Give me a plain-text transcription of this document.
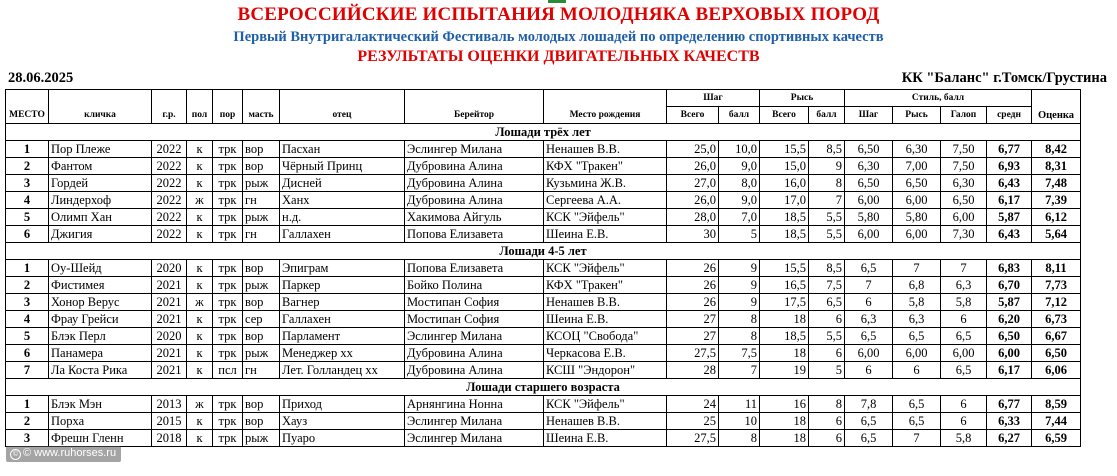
ВСЕРОССИЙСКИЕ ИСПЫТАНИЯ МОЛОДНЯКА ВЕРХОВЫХ ПОРОД
Первый Внутригалактический Фестиваль молодых лошадей по определению спортивных качеств
РЕЗУЛЬТАТЫ ОЦЕНКИ ДВИГАТЕЛЬНЫХ КАЧЕСТВ
28.06.2025	КК "Баланс" г.Томск/Грустина
МЕСТО	кличка	г.р.	пол	пор	масть	отец	Берейтор	Место рождения	Шаг		Рысь		Стиль, балл				Оценка
									Всего	балл	Всего	балл	Шаг	Рысь	Галоп	средн	
Лошади трёх лет																	
1	Пор Плеже	2022	к	трк	вор	Пасхан	Эслингер Милана	Ненашев В.В.	25,0	10,0	15,5	8,5	6,50	6,30	7,50	6,77	8,42
2	Фантом	2022	к	трк	вор	Чёрный Принц	Дубровина Алина	КФХ "Тракен"	26,0	9,0	15,0	9	6,30	7,00	7,50	6,93	8,31
3	Гордей	2022	к	трк	рыж	Дисней	Дубровина Алина	Кузьмина Ж.В.	27,0	8,0	16,0	8	6,50	6,50	6,30	6,43	7,48
4	Линдерхоф	2022	ж	трк	гн	Ханх	Дубровина Алина	Сергеева А.А.	26,0	9,0	17,0	7	6,00	6,00	6,50	6,17	7,39
5	Олимп Хан	2022	к	трк	рыж	н.д.	Хакимова Айгуль	КСК "Эйфель"	28,0	7,0	18,5	5,5	5,80	5,80	6,00	5,87	6,12
6	Джигия	2022	к	трк	гн	Галлахен	Попова Елизавета	Шеина Е.В.	30	5	18,5	5,5	6,00	6,00	7,30	6,43	5,64
Лошади 4-5 лет																	
1	Оу-Шейд	2020	к	трк	вор	Эпиграм	Попова Елизавета	КСК "Эйфель"	26	9	15,5	8,5	6,5	7	7	6,83	8,11
2	Фистимея	2021	к	трк	рыж	Паркер	Бойко Полина	КФХ "Тракен"	26	9	16,5	7,5	7	6,8	6,3	6,70	7,73
3	Хонор Верус	2021	ж	трк	вор	Вагнер	Мостипан София	Ненашев В.В.	26	9	17,5	6,5	6	5,8	5,8	5,87	7,12
4	Фрау Грейси	2021	к	трк	сер	Галлахен	Мостипан София	Шеина Е.В.	27	8	18	6	6,3	6,3	6	6,20	6,73
5	Блэк Перл	2020	к	трк	вор	Парламент	Эслингер Милана	КСОЦ "Свобода"	27	8	18,5	5,5	6,5	6,5	6,5	6,50	6,67
6	Панамера	2021	к	трк	рыж	Менеджер хх	Дубровина Алина	Черкасова Е.В.	27,5	7,5	18	6	6,00	6,00	6,00	6,00	6,50
7	Ла Коста Рика	2021	к	псл	гн	Лет. Голландец хх	Дубровина Алина	КСШ "Эндорон"	28	7	19	5	6	6	6,5	6,17	6,06
Лошади старшего возраста																	
1	Блэк Мэн	2013	ж	трк	вор	Приход	Арнянгина Нонна	КСК "Эйфель"	24	11	16	8	7,8	6,5	6	6,77	8,59
2	Порха	2015	к	трк	вор	Хауз	Эслингер Милана	Ненашев В.В.	25	10	18	6	6,5	6,5	6	6,33	7,44
3	Фрешн Гленн	2018	к	трк	рыж	Пуаро	Эслингер Милана	Шеина Е.В.	27,5	8	18	6	6,5	7	5,8	6,27	6,59
© © www.ruhorses.ru
